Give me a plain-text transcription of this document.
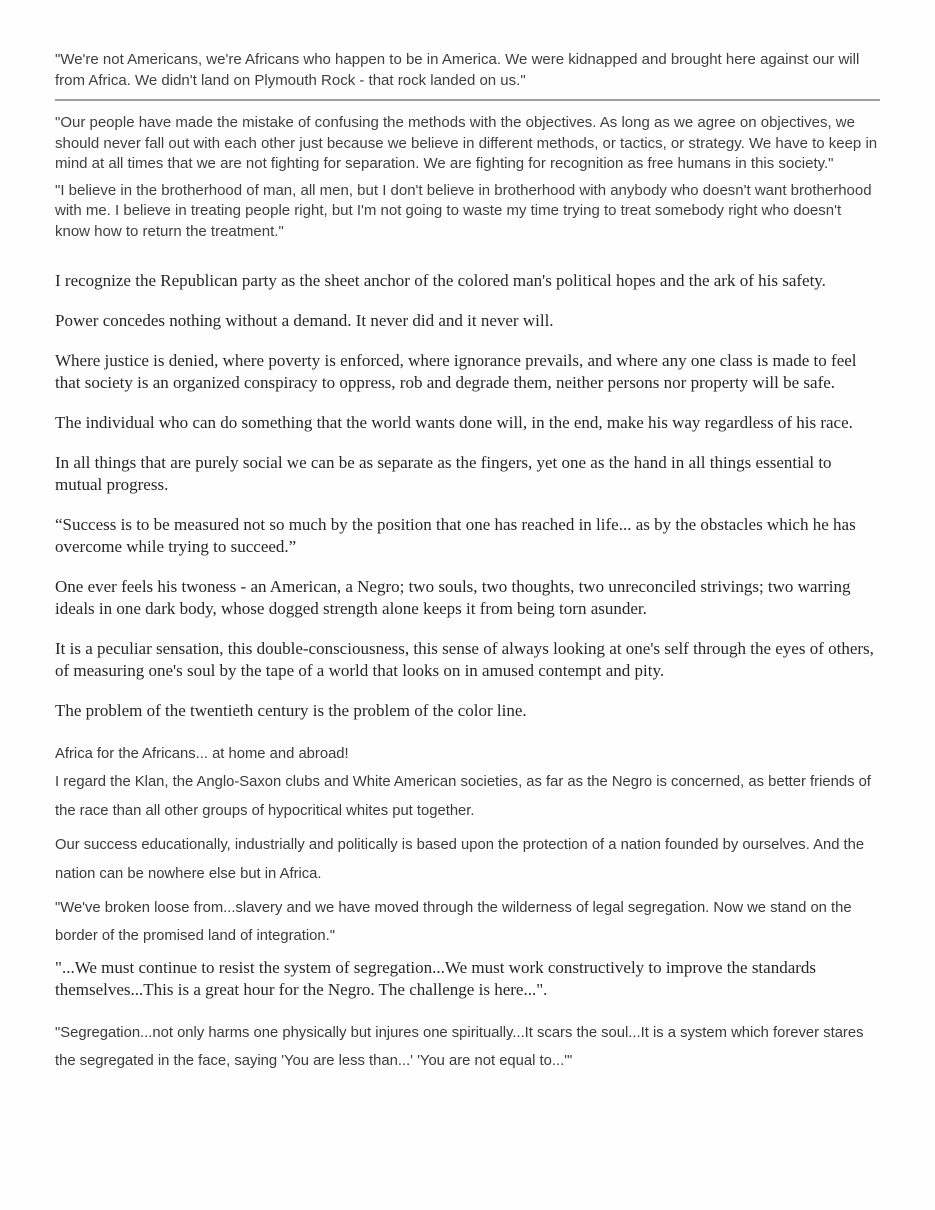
"We're not Americans, we're Africans who happen to be in America. We were kidnapped and brought here against our will from Africa. We didn't land on Plymouth Rock - that rock landed on us."

"Our people have made the mistake of confusing the methods with the objectives. As long as we agree on objectives, we should never fall out with each other just because we believe in different methods, or tactics, or strategy. We have to keep in mind at all times that we are not fighting for separation. We are fighting for recognition as free humans in this society."

"I believe in the brotherhood of man, all men, but I don't believe in brotherhood with anybody who doesn't want brotherhood with me. I believe in treating people right, but I'm not going to waste my time trying to treat somebody right who doesn't know how to return the treatment."

I recognize the Republican party as the sheet anchor of the colored man's political hopes and the ark of his safety.

Power concedes nothing without a demand. It never did and it never will.

Where justice is denied, where poverty is enforced, where ignorance prevails, and where any one class is made to feel that society is an organized conspiracy to oppress, rob and degrade them, neither persons nor property will be safe.

The individual who can do something that the world wants done will, in the end, make his way regardless of his race.

In all things that are purely social we can be as separate as the fingers, yet one as the hand in all things essential to mutual progress.

“Success is to be measured not so much by the position that one has reached in life... as by the obstacles which he has overcome while trying to succeed.”

One ever feels his twoness - an American, a Negro; two souls, two thoughts, two unreconciled strivings; two warring ideals in one dark body, whose dogged strength alone keeps it from being torn asunder.

It is a peculiar sensation, this double-consciousness, this sense of always looking at one's self through the eyes of others, of measuring one's soul by the tape of a world that looks on in amused contempt and pity.

The problem of the twentieth century is the problem of the color line.

Africa for the Africans... at home and abroad!
I regard the Klan, the Anglo-Saxon clubs and White American societies, as far as the Negro is concerned, as better friends of the race than all other groups of hypocritical whites put together.

Our success educationally, industrially and politically is based upon the protection of a nation founded by ourselves. And the nation can be nowhere else but in Africa.

"We've broken loose from...slavery and we have moved through the wilderness of legal segregation. Now we stand on the border of the promised land of integration."

"...We must continue to resist the system of segregation...We must work constructively to improve the standards themselves...This is a great hour for the Negro. The challenge is here...".

"Segregation...not only harms one physically but injures one spiritually...It scars the soul...It is a system which forever stares the segregated in the face, saying 'You are less than...' 'You are not equal to...'"
